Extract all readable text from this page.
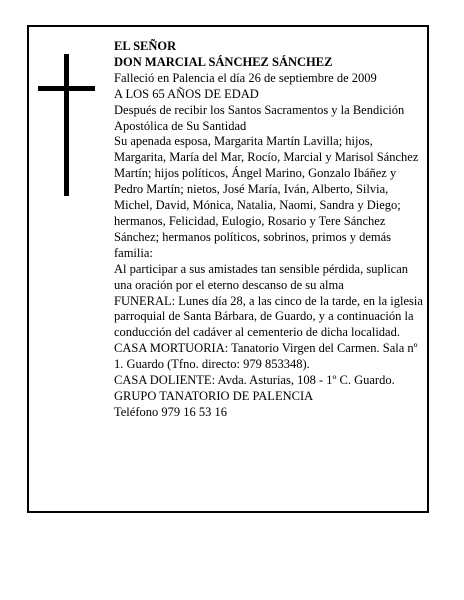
EL SEÑOR

DON MARCIAL SÁNCHEZ SÁNCHEZ

Falleció en Palencia el día 26 de septiembre de 2009

A LOS 65 AÑOS DE EDAD

Después de recibir los Santos Sacramentos y la Bendición Apostólica de Su Santidad

Su apenada esposa, Margarita Martín Lavilla; hijos, Margarita, María del Mar, Rocío, Marcial y Marisol Sánchez Martín; hijos políticos, Ángel Marino, Gonzalo Ibáñez y Pedro Martín; nietos, José María, Iván, Alberto, Silvia, Michel, David, Mónica, Natalia, Naomi, Sandra y Diego; hermanos, Felicidad, Eulogio, Rosario y Tere Sánchez Sánchez; hermanos políticos, sobrinos, primos y demás familia:

Al participar a sus amistades tan sensible pérdida, suplican una oración por el eterno descanso de su alma

FUNERAL: Lunes día 28, a las cinco de la tarde, en la iglesia parroquial de Santa Bárbara, de Guardo, y a continuación la conducción del cadáver al cementerio de dicha localidad.

CASA MORTUORIA: Tanatorio Virgen del Carmen. Sala nº 1. Guardo (Tfno. directo: 979 853348).

CASA DOLIENTE: Avda. Asturias, 108 - 1º C. Guardo.

GRUPO TANATORIO DE PALENCIA

Teléfono 979 16 53 16
